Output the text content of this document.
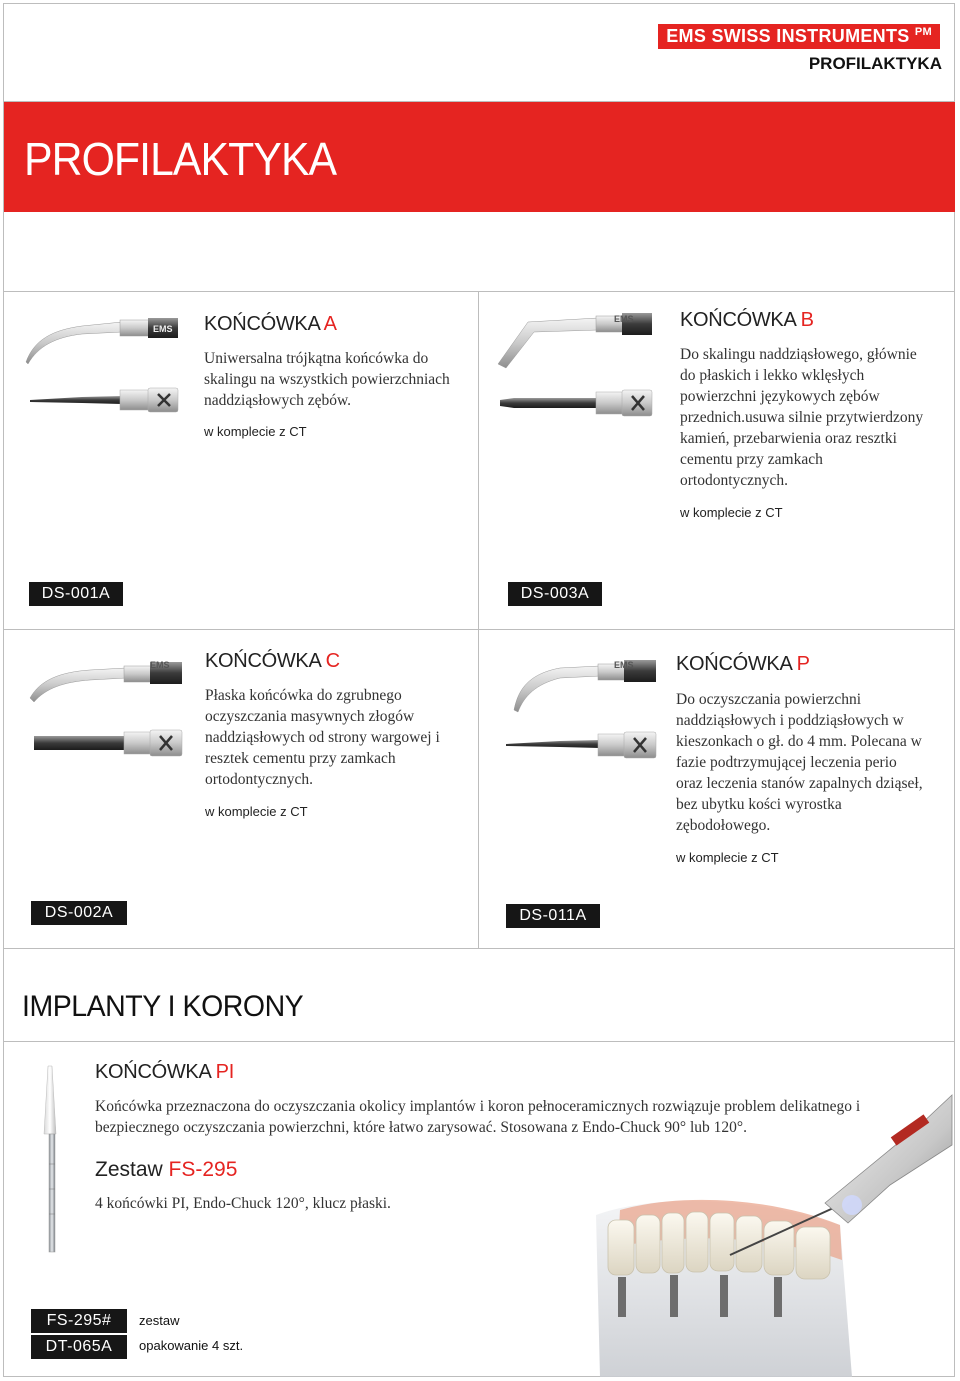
EMS SWISS INSTRUMENTS $^{PM}$
PROFILAKTYKA
PROFILAKTYKA
EMS KOŃCÓWKA A
Uniwersalna trójkątna końcówka do skalingu na wszystkich powierzchniach naddziąsłowych zębów.
w komplecie z CT
DS-001A
EMS KOŃCÓWKA B
Do skalingu naddziąsłowego, głównie do płaskich i lekko wklęsłych powierzchni językowych zębów przednich.usuwa silnie przytwierdzony kamień, przebarwienia oraz resztki cementu przy zamkach ortodontycznych.
w komplecie z CT
DS-003A
EMS KOŃCÓWKA C
Płaska końcówka do zgrubnego oczyszczania masywnych złogów naddziąsłowych od strony wargowej i resztek cementu przy zamkach ortodontycznych.
w komplecie z CT
DS-002A
EMS KOŃCÓWKA P
Do oczyszczania powierzchni naddziąsłowych i poddziąsłowych w kieszonkach o gł. do 4 mm. Polecana w fazie podtrzymującej leczenia perio oraz leczenia stanów zapalnych dziąseł, bez ubytku kości wyrostka zębodołowego.
w komplecie z CT
DS-011A
IMPLANTY I KORONY
KOŃCÓWKA PI
Końcówka przeznaczona do oczyszczania okolicy implantów i koron pełnoceramicznych rozwiązuje problem delikatnego i bezpiecznego oczyszczania powierzchni, które łatwo zarysować. Stosowana z Endo-Chuck 90° lub 120°.
Zestaw FS-295
4 końcówki PI, Endo-Chuck 120°, klucz płaski.
FS-295#	zestaw
DT-065A	opakowanie 4 szt.
